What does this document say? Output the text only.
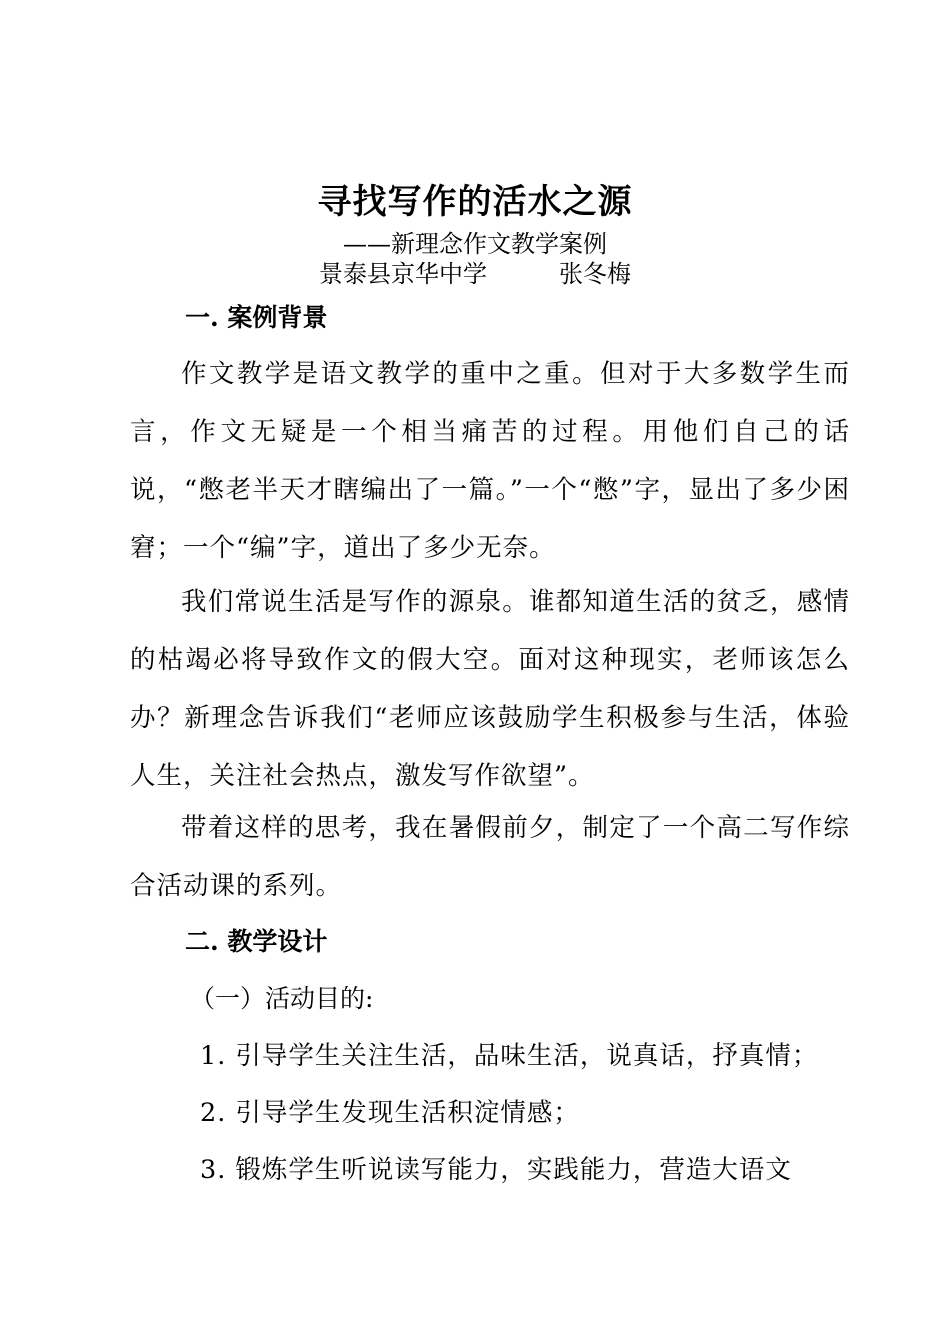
寻找写作的活水之源
——新理念作文教学案例
景泰县京华中学	张冬梅
一. 案例背景
作文教学是语文教学的重中之重。但对于大多数学生而言，作文无疑是一个相当痛苦的过程。用他们自己的话说，“憋老半天才瞎编出了一篇。”一个“憋”字，显出了多少困窘；一个“编”字，道出了多少无奈。
我们常说生活是写作的源泉。谁都知道生活的贫乏，感情的枯竭必将导致作文的假大空。面对这种现实，老师该怎么办？新理念告诉我们“老师应该鼓励学生积极参与生活，体验人生，关注社会热点，激发写作欲望”。
带着这样的思考，我在暑假前夕，制定了一个高二写作综合活动课的系列。
二. 教学设计
（一）活动目的:
1. 引导学生关注生活，品味生活，说真话，抒真情；
2. 引导学生发现生活积淀情感；
3. 锻炼学生听说读写能力，实践能力，营造大语文
